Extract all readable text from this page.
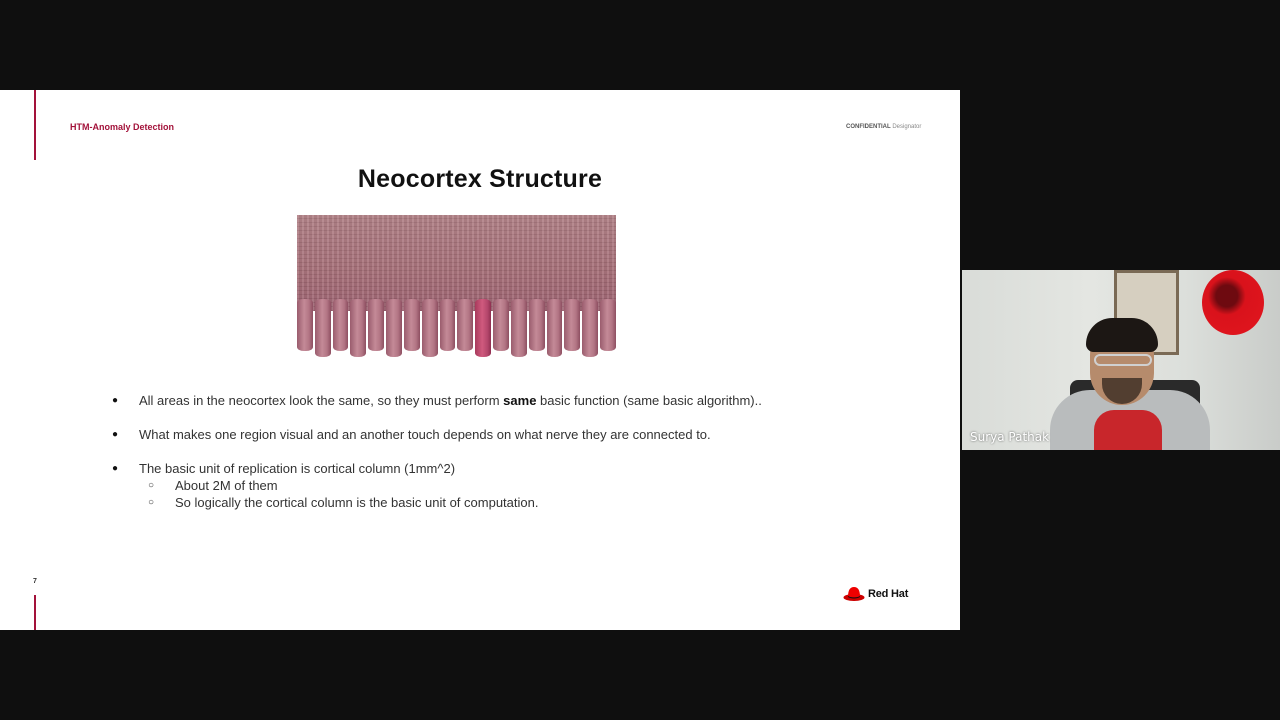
HTM-Anomaly Detection	CONFIDENTIAL Designator
Neocortex Structure
● All areas in the neocortex look the same, so they must perform same basic function (same basic algorithm)..
● What makes one region visual and an another touch depends on what nerve they are connected to.
● The basic unit of replication is cortical column (1mm^2)
○ About 2M of them
○ So logically the cortical column is the basic unit of computation.
7
Red Hat
Surya Pathak
